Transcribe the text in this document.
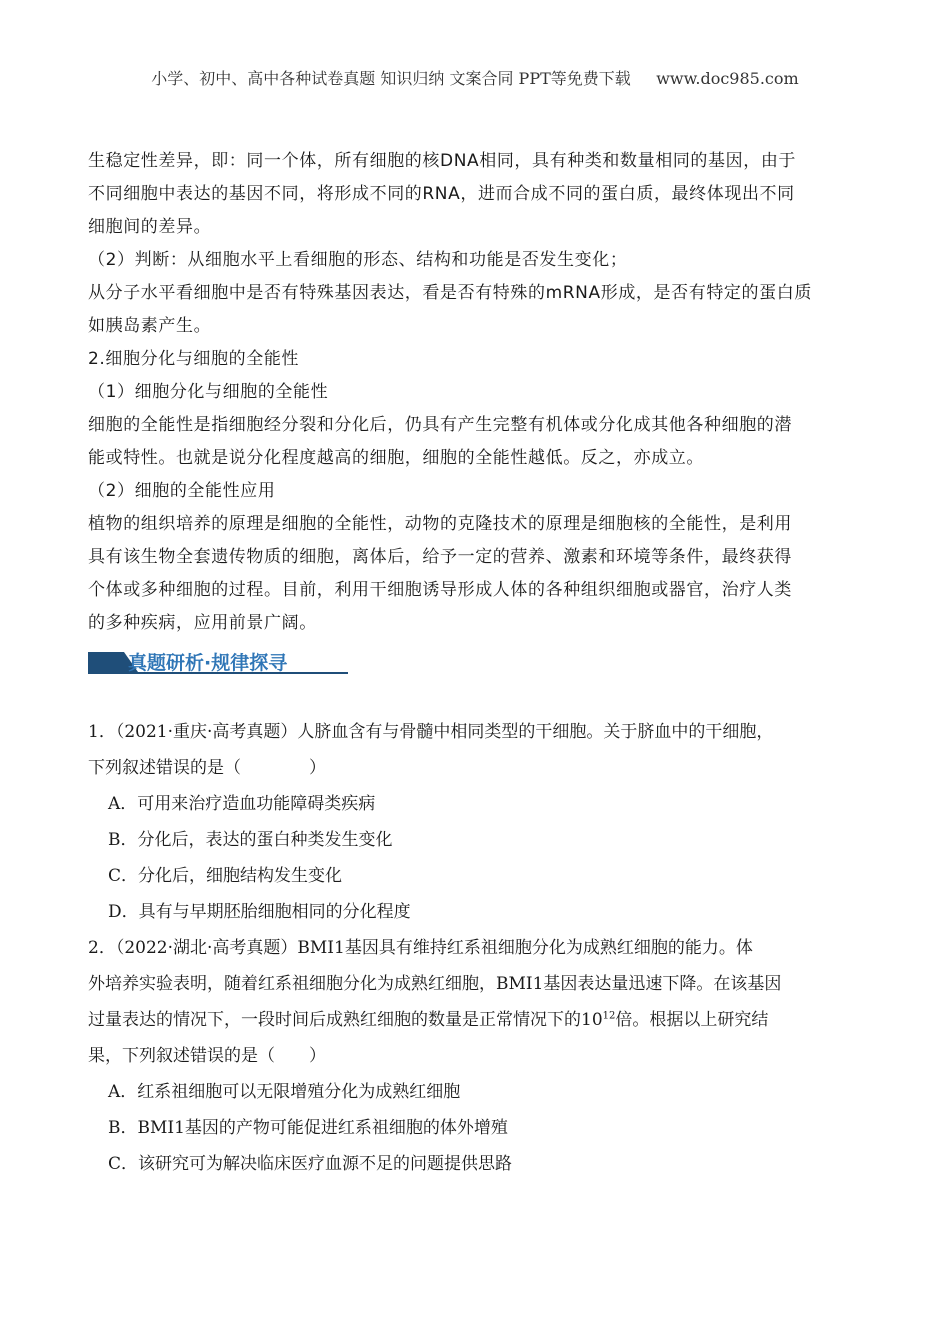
小学、初中、高中各种试卷真题 知识归纳 文案合同 PPT等免费下载     www.doc985.com
生稳定性差异，即：同一个体，所有细胞的核DNA相同，具有种类和数量相同的基因，由于
不同细胞中表达的基因不同，将形成不同的RNA，进而合成不同的蛋白质，最终体现出不同
细胞间的差异。
（2）判断：从细胞水平上看细胞的形态、结构和功能是否发生变化；
从分子水平看细胞中是否有特殊基因表达，看是否有特殊的mRNA形成，是否有特定的蛋白质
如胰岛素产生。
2.细胞分化与细胞的全能性
（1）细胞分化与细胞的全能性
细胞的全能性是指细胞经分裂和分化后，仍具有产生完整有机体或分化成其他各种细胞的潜
能或特性。也就是说分化程度越高的细胞，细胞的全能性越低。反之，亦成立。
（2）细胞的全能性应用
植物的组织培养的原理是细胞的全能性，动物的克隆技术的原理是细胞核的全能性，是利用
具有该生物全套遗传物质的细胞，离体后，给予一定的营养、激素和环境等条件，最终获得
个体或多种细胞的过程。目前，利用干细胞诱导形成人体的各种组织细胞或器官，治疗人类
的多种疾病，应用前景广阔。
真题研析·规律探寻
1．（2021·重庆·高考真题）人脐血含有与骨髓中相同类型的干细胞。关于脐血中的干细胞，
下列叙述错误的是（　　　　）
A．可用来治疗造血功能障碍类疾病
B．分化后，表达的蛋白种类发生变化
C．分化后，细胞结构发生变化
D．具有与早期胚胎细胞相同的分化程度
2．（2022·湖北·高考真题）BMI1基因具有维持红系祖细胞分化为成熟红细胞的能力。体
外培养实验表明，随着红系祖细胞分化为成熟红细胞，BMI1基因表达量迅速下降。在该基因
过量表达的情况下，一段时间后成熟红细胞的数量是正常情况下的$10^{12}$倍。根据以上研究结
果，下列叙述错误的是（　　）
A．红系祖细胞可以无限增殖分化为成熟红细胞
B．BMI1基因的产物可能促进红系祖细胞的体外增殖
C．该研究可为解决临床医疗血源不足的问题提供思路
